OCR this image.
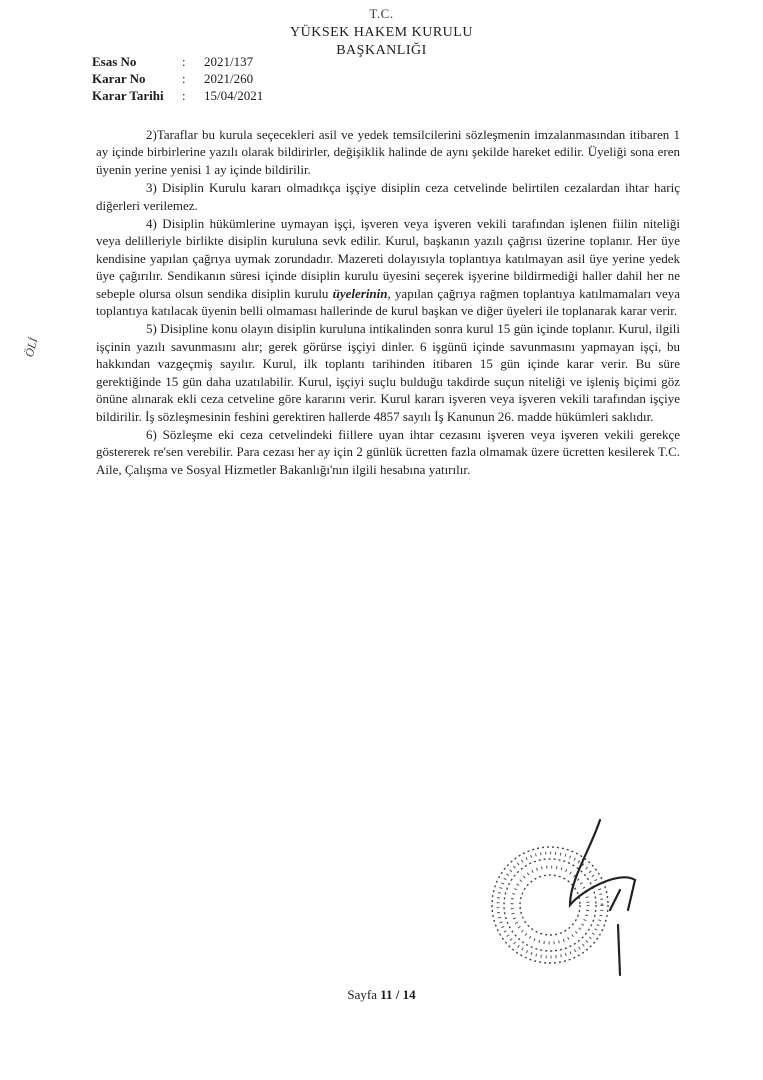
T.C.
YÜKSEK HAKEM KURULU
BAŞKANLIĞI
Esas No	:	2021/137
Karar No	:	2021/260
Karar Tarihi	:	15/04/2021
ÖLİ

2)Taraflar bu kurula seçecekleri asil ve yedek temsilcilerini sözleşmenin imzalanmasından itibaren 1 ay içinde birbirlerine yazılı olarak bildirirler, değişiklik halinde de aynı şekilde hareket edilir. Üyeliği sona eren üyenin yerine yenisi 1 ay içinde bildirilir.

3) Disiplin Kurulu kararı olmadıkça işçiye disiplin ceza cetvelinde belirtilen cezalardan ihtar hariç diğerleri verilemez.

4) Disiplin hükümlerine uymayan işçi, işveren veya işveren vekili tarafından işlenen fiilin niteliği veya delilleriyle birlikte disiplin kuruluna sevk edilir. Kurul, başkanın yazılı çağrısı üzerine toplanır. Her üye kendisine yapılan çağrıya uymak zorundadır. Mazereti dolayısıyla toplantıya katılmayan asil üye yerine yedek üye çağırılır. Sendikanın süresi içinde disiplin kurulu üyesini seçerek işyerine bildirmediği haller dahil her ne sebeple olursa olsun sendika disiplin kurulu üyelerinin, yapılan çağrıya rağmen toplantıya katılmamaları veya toplantıya katılacak üyenin belli olmaması hallerinde de kurul başkan ve diğer üyeleri ile toplanarak karar verir.

5) Disipline konu olayın disiplin kuruluna intikalinden sonra kurul 15 gün içinde toplanır. Kurul, ilgili işçinin yazılı savunmasını alır; gerek görürse işçiyi dinler. 6 işgünü içinde savunmasını yapmayan işçi, bu hakkından vazgeçmiş sayılır. Kurul, ilk toplantı tarihinden itibaren 15 gün içinde karar verir. Bu süre gerektiğinde 15 gün daha uzatılabilir. Kurul, işçiyi suçlu bulduğu takdirde suçun niteliği ve işleniş biçimi göz önüne alınarak ekli ceza cetveline göre kararını verir. Kurul kararı işveren veya işveren vekili tarafından işçiye bildirilir. İş sözleşmesinin feshini gerektiren hallerde 4857 sayılı İş Kanunun 26. madde hükümleri saklıdır.

6) Sözleşme eki ceza cetvelindeki fiillere uyan ihtar cezasını işveren veya işveren vekili gerekçe göstererek re'sen verebilir. Para cezası her ay için 2 günlük ücretten fazla olmamak üzere ücretten kesilerek T.C. Aile, Çalışma ve Sosyal Hizmetler Bakanlığı'nın ilgili hesabına yatırılır.

Sayfa 11 / 14
